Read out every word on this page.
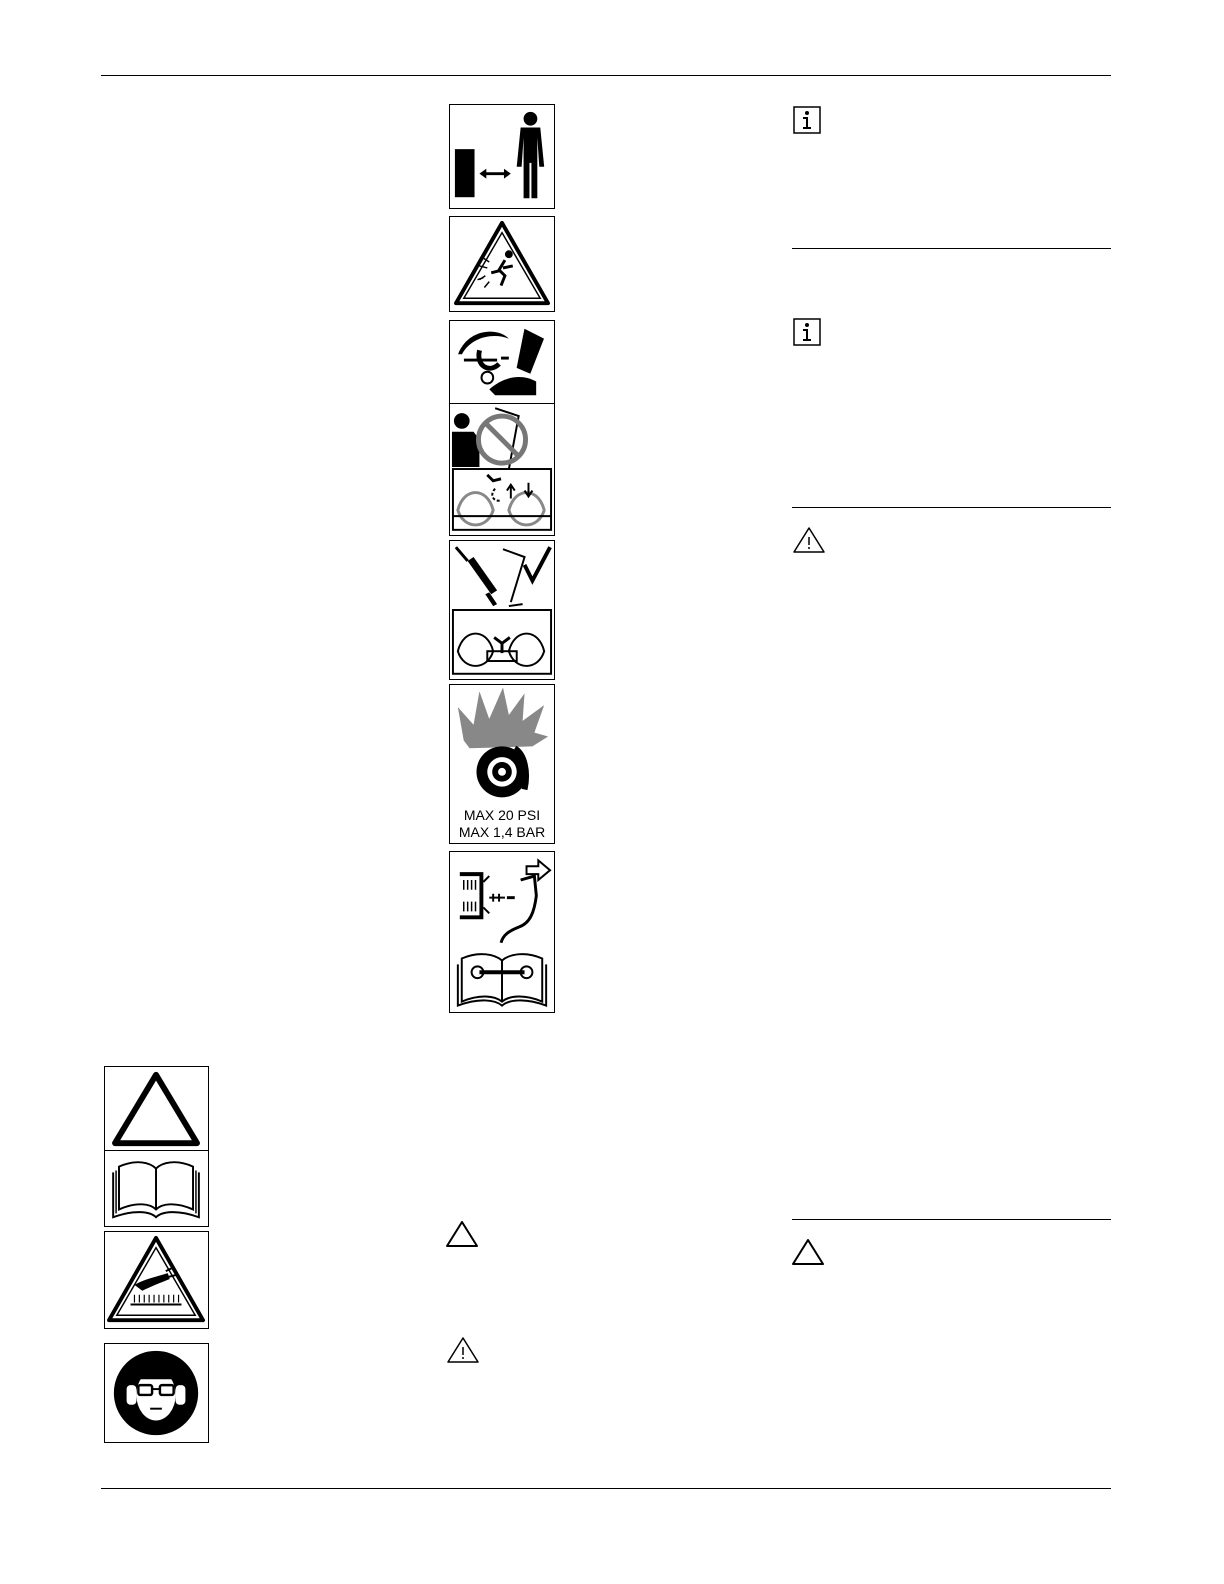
MAX 20 PSI
MAX 1,4 BAR
